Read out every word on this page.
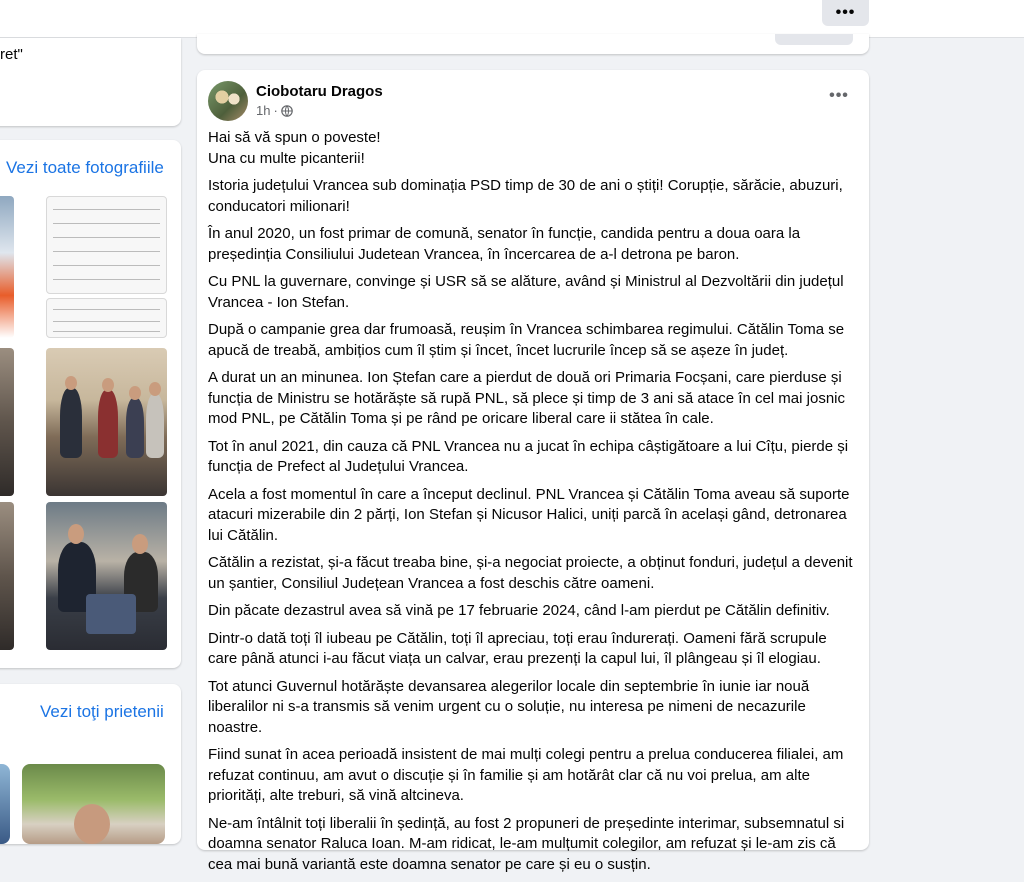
•••
ret"
Vezi toate fotografiile
Vezi toţi prietenii
Ciobotaru Dragos
1h ·
•••

Hai să vă spun o poveste!
Una cu multe picanterii!

Istoria județului Vrancea sub dominația PSD timp de 30 de ani o știți! Corupție, sărăcie, abuzuri, conducatori milionari!

În anul 2020, un fost primar de comună, senator în funcție, candida pentru a doua oara la președinția Consiliului Judetean Vrancea, în încercarea de a-l detrona pe baron.

Cu PNL la guvernare, convinge și USR să se alăture, având și Ministrul al Dezvoltării din județul Vrancea - Ion Stefan.

După o campanie grea dar frumoasă, reușim în Vrancea schimbarea regimului. Cătălin Toma se apucă de treabă, ambițios cum îl știm și încet, încet lucrurile încep să se așeze în județ.

A durat un an minunea. Ion Ștefan care a pierdut de două ori Primaria Focșani, care pierduse și funcția de Ministru se hotărăște să rupă PNL, să plece și timp de 3 ani să atace în cel mai josnic mod PNL, pe Cătălin Toma și pe rând pe oricare liberal care ii stătea în cale.

Tot în anul 2021, din cauza că PNL Vrancea nu a jucat în echipa câștigătoare a lui Cîțu, pierde și funcția de Prefect al Județului Vrancea.

Acela a fost momentul în care a început declinul. PNL Vrancea și Cătălin Toma aveau să suporte atacuri mizerabile din 2 părți, Ion Stefan și Nicusor Halici, uniți parcă în același gând, detronarea lui Cătălin.

Cătălin a rezistat, și-a făcut treaba bine, și-a negociat proiecte, a obținut fonduri, județul a devenit un șantier, Consiliul Județean Vrancea a fost deschis către oameni.

Din păcate dezastrul avea să vină pe 17 februarie 2024, când l-am pierdut pe Cătălin definitiv.

Dintr-o dată toți îl iubeau pe Cătălin, toți îl apreciau, toți erau îndurerați. Oameni fără scrupule care până atunci i-au făcut viața un calvar, erau prezenți la capul lui, îl plângeau și îl elogiau.

Tot atunci Guvernul hotărăște devansarea alegerilor locale din septembrie în iunie iar nouă liberalilor ni s-a transmis să venim urgent cu o soluție, nu interesa pe nimeni de necazurile noastre.

Fiind sunat în acea perioadă insistent de mai mulți colegi pentru a prelua conducerea filialei, am refuzat continuu, am avut o discuție și în familie și am hotărât clar că nu voi prelua, am alte priorități, alte treburi, să vină altcineva.

Ne-am întâlnit toți liberalii în ședință, au fost 2 propuneri de președinte interimar, subsemnatul si doamna senator Raluca Ioan. M-am ridicat, le-am mulțumit colegilor, am refuzat și le-am zis că cea mai bună variantă este doamna senator pe care și eu o susțin.
